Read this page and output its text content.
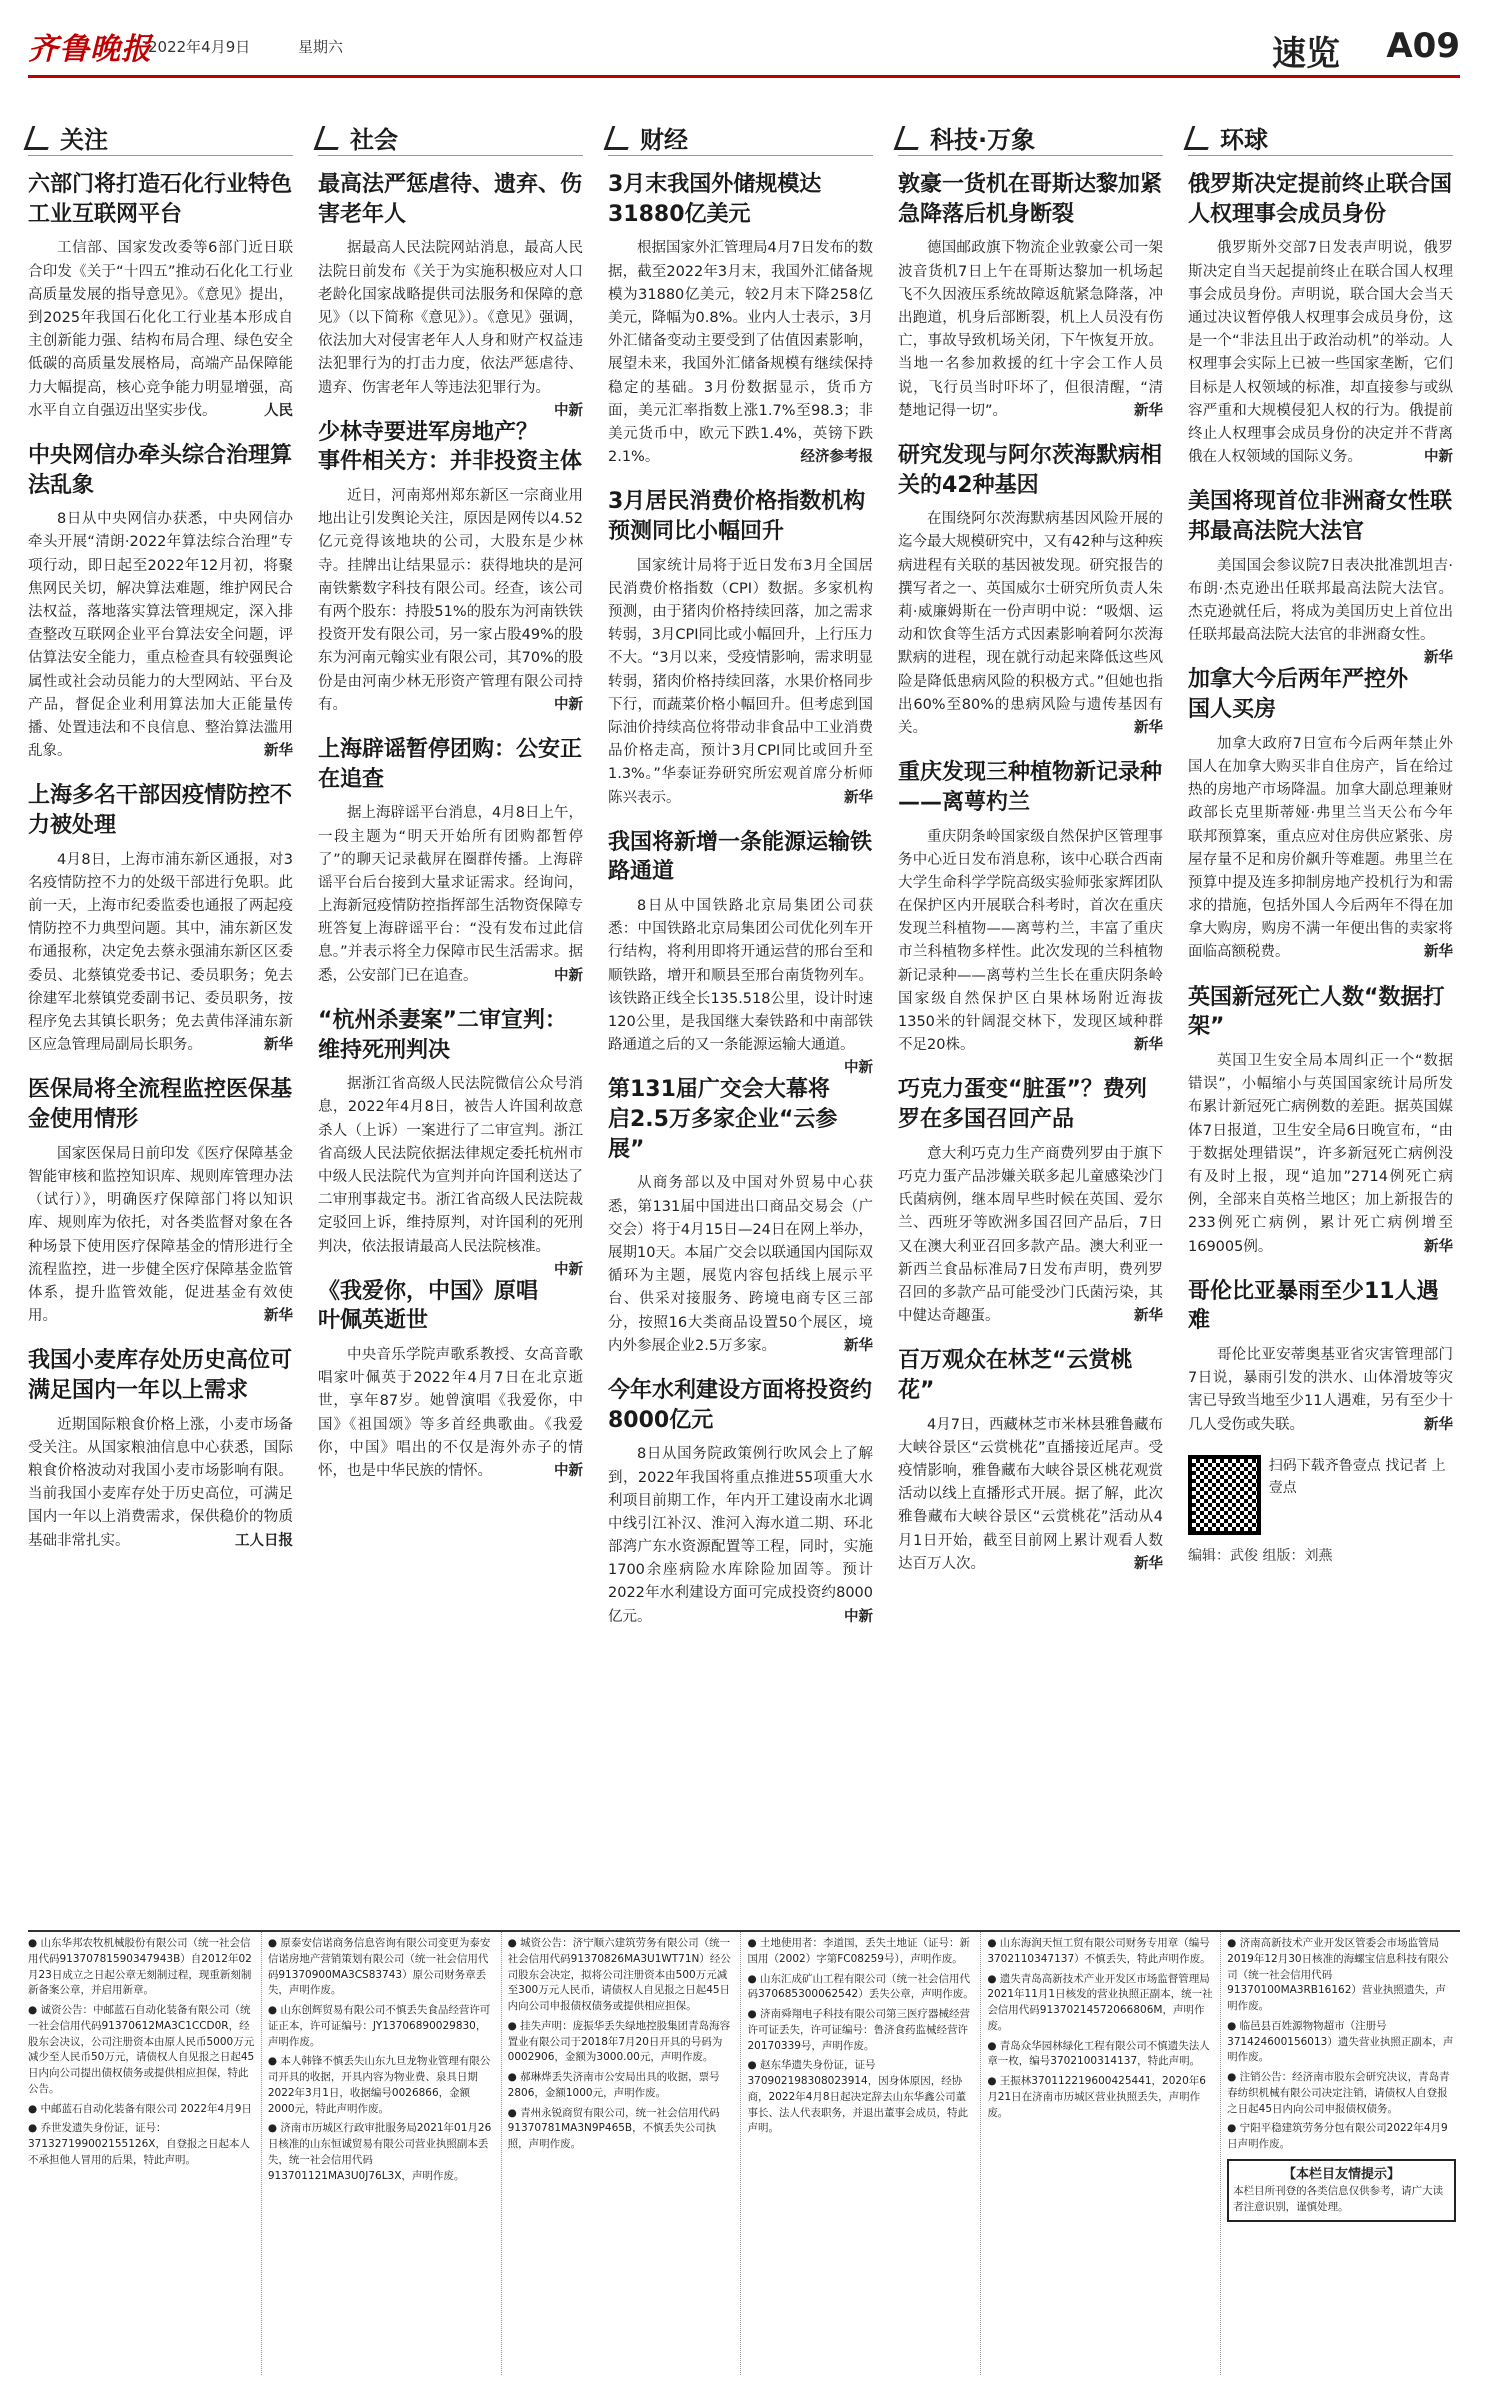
齐鲁晚报
2022年4月9日	星期六	速览 A09
关注
六部门将打造石化行业特色工业互联网平台
工信部、国家发改委等6部门近日联合印发《关于“十四五”推动石化化工行业高质量发展的指导意见》。《意见》提出，到2025年我国石化化工行业基本形成自主创新能力强、结构布局合理、绿色安全低碳的高质量发展格局，高端产品保障能力大幅提高，核心竞争能力明显增强，高水平自立自强迈出坚实步伐。	人民
中央网信办牵头综合治理算法乱象
8日从中央网信办获悉，中央网信办牵头开展“清朗·2022年算法综合治理”专项行动，即日起至2022年12月初，将聚焦网民关切，解决算法难题，维护网民合法权益，落地落实算法管理规定，深入排查整改互联网企业平台算法安全问题，评估算法安全能力，重点检查具有较强舆论属性或社会动员能力的大型网站、平台及产品，督促企业利用算法加大正能量传播、处置违法和不良信息、整治算法滥用乱象。	新华
上海多名干部因疫情防控不力被处理
4月8日，上海市浦东新区通报，对3名疫情防控不力的处级干部进行免职。此前一天，上海市纪委监委也通报了两起疫情防控不力典型问题。其中，浦东新区发布通报称，决定免去蔡永强浦东新区区委委员、北蔡镇党委书记、委员职务；免去徐建军北蔡镇党委副书记、委员职务，按程序免去其镇长职务；免去黄伟泽浦东新区应急管理局副局长职务。	新华
医保局将全流程监控医保基金使用情形
国家医保局日前印发《医疗保障基金智能审核和监控知识库、规则库管理办法（试行）》，明确医疗保障部门将以知识库、规则库为依托，对各类监督对象在各种场景下使用医疗保障基金的情形进行全流程监控，进一步健全医疗保障基金监管体系，提升监管效能，促进基金有效使用。	新华
我国小麦库存处历史高位可满足国内一年以上需求
近期国际粮食价格上涨，小麦市场备受关注。从国家粮油信息中心获悉，国际粮食价格波动对我国小麦市场影响有限。当前我国小麦库存处于历史高位，可满足国内一年以上消费需求，保供稳价的物质基础非常扎实。	工人日报
社会
最高法严惩虐待、遗弃、伤害老年人
据最高人民法院网站消息，最高人民法院日前发布《关于为实施积极应对人口老龄化国家战略提供司法服务和保障的意见》（以下简称《意见》）。《意见》强调，依法加大对侵害老年人人身和财产权益违法犯罪行为的打击力度，依法严惩虐待、遗弃、伤害老年人等违法犯罪行为。
中新
少林寺要进军房地产？事件相关方：并非投资主体
近日，河南郑州郑东新区一宗商业用地出让引发舆论关注，原因是网传以4.52亿元竞得该地块的公司，大股东是少林寺。挂牌出让结果显示：获得地块的是河南铁紫数字科技有限公司。经查，该公司有两个股东：持股51%的股东为河南铁铁投资开发有限公司，另一家占股49%的股东为河南元翰实业有限公司，其70%的股份是由河南少林无形资产管理有限公司持有。	中新
上海辟谣暂停团购：公安正在追查
据上海辟谣平台消息，4月8日上午，一段主题为“明天开始所有团购都暂停了”的聊天记录截屏在圈群传播。上海辟谣平台后台接到大量求证需求。经询问，上海新冠疫情防控指挥部生活物资保障专班答复上海辟谣平台：“没有发布过此信息。”并表示将全力保障市民生活需求。据悉，公安部门已在追查。	中新
“杭州杀妻案”二审宣判：维持死刑判决
据浙江省高级人民法院微信公众号消息，2022年4月8日，被告人许国利故意杀人（上诉）一案进行了二审宣判。浙江省高级人民法院依据法律规定委托杭州市中级人民法院代为宣判并向许国利送达了二审刑事裁定书。浙江省高级人民法院裁定驳回上诉，维持原判，对许国利的死刑判决，依法报请最高人民法院核准。
中新
《我爱你，中国》原唱叶佩英逝世
中央音乐学院声歌系教授、女高音歌唱家叶佩英于2022年4月7日在北京逝世，享年87岁。她曾演唱《我爱你，中国》《祖国颂》等多首经典歌曲。《我爱你，中国》唱出的不仅是海外赤子的情怀，也是中华民族的情怀。	中新
财经
3月末我国外储规模达31880亿美元
根据国家外汇管理局4月7日发布的数据，截至2022年3月末，我国外汇储备规模为31880亿美元，较2月末下降258亿美元，降幅为0.8%。业内人士表示，3月外汇储备变动主要受到了估值因素影响，展望未来，我国外汇储备规模有继续保持稳定的基础。3月份数据显示，货币方面，美元汇率指数上涨1.7%至98.3；非美元货币中，欧元下跌1.4%，英镑下跌2.1%。	经济参考报
3月居民消费价格指数机构预测同比小幅回升
国家统计局将于近日发布3月全国居民消费价格指数（CPI）数据。多家机构预测，由于猪肉价格持续回落，加之需求转弱，3月CPI同比或小幅回升，上行压力不大。“3月以来，受疫情影响，需求明显转弱，猪肉价格持续回落，水果价格同步下行，而蔬菜价格小幅回升。但考虑到国际油价持续高位将带动非食品中工业消费品价格走高，预计3月CPI同比或回升至1.3%。”华泰证券研究所宏观首席分析师陈兴表示。	新华
我国将新增一条能源运输铁路通道
8日从中国铁路北京局集团公司获悉：中国铁路北京局集团公司优化列车开行结构，将利用即将开通运营的邢台至和顺铁路，增开和顺县至邢台南货物列车。该铁路正线全长135.518公里，设计时速120公里，是我国继大秦铁路和中南部铁路通道之后的又一条能源运输大通道。
中新
第131届广交会大幕将启2.5万多家企业“云参展”
从商务部以及中国对外贸易中心获悉，第131届中国进出口商品交易会（广交会）将于4月15日—24日在网上举办，展期10天。本届广交会以联通国内国际双循环为主题，展览内容包括线上展示平台、供采对接服务、跨境电商专区三部分，按照16大类商品设置50个展区，境内外参展企业2.5万多家。	新华
今年水利建设方面将投资约8000亿元
8日从国务院政策例行吹风会上了解到，2022年我国将重点推进55项重大水利项目前期工作，年内开工建设南水北调中线引江补汉、淮河入海水道二期、环北部湾广东水资源配置等工程，同时，实施1700余座病险水库除险加固等。预计2022年水利建设方面可完成投资约8000亿元。	中新
科技·万象
敦豪一货机在哥斯达黎加紧急降落后机身断裂
德国邮政旗下物流企业敦豪公司一架波音货机7日上午在哥斯达黎加一机场起飞不久因液压系统故障返航紧急降落，冲出跑道，机身后部断裂，机上人员没有伤亡，事故导致机场关闭，下午恢复开放。当地一名参加救援的红十字会工作人员说，飞行员当时吓坏了，但很清醒，“清楚地记得一切”。	新华
研究发现与阿尔茨海默病相关的42种基因
在围绕阿尔茨海默病基因风险开展的迄今最大规模研究中，又有42种与这种疾病进程有关联的基因被发现。研究报告的撰写者之一、英国威尔士研究所负责人朱莉·威廉姆斯在一份声明中说：“吸烟、运动和饮食等生活方式因素影响着阿尔茨海默病的进程，现在就行动起来降低这些风险是降低患病风险的积极方式。”但她也指出60%至80%的患病风险与遗传基因有关。	新华
重庆发现三种植物新记录种——离萼杓兰
重庆阴条岭国家级自然保护区管理事务中心近日发布消息称，该中心联合西南大学生命科学学院高级实验师张家辉团队在保护区内开展联合科考时，首次在重庆发现兰科植物——离萼杓兰，丰富了重庆市兰科植物多样性。此次发现的兰科植物新记录种——离萼杓兰生长在重庆阴条岭国家级自然保护区白果林场附近海拔1350米的针阔混交林下，发现区域种群不足20株。	新华
巧克力蛋变“脏蛋”？费列罗在多国召回产品
意大利巧克力生产商费列罗由于旗下巧克力蛋产品涉嫌关联多起儿童感染沙门氏菌病例，继本周早些时候在英国、爱尔兰、西班牙等欧洲多国召回产品后，7日又在澳大利亚召回多款产品。澳大利亚一新西兰食品标准局7日发布声明，费列罗召回的多款产品可能受沙门氏菌污染，其中健达奇趣蛋。	新华
百万观众在林芝“云赏桃花”
4月7日，西藏林芝市米林县雅鲁藏布大峡谷景区“云赏桃花”直播接近尾声。受疫情影响，雅鲁藏布大峡谷景区桃花观赏活动以线上直播形式开展。据了解，此次雅鲁藏布大峡谷景区“云赏桃花”活动从4月1日开始，截至目前网上累计观看人数达百万人次。	新华
环球
俄罗斯决定提前终止联合国人权理事会成员身份
俄罗斯外交部7日发表声明说，俄罗斯决定自当天起提前终止在联合国人权理事会成员身份。声明说，联合国大会当天通过决议暂停俄人权理事会成员身份，这是一个“非法且出于政治动机”的举动。人权理事会实际上已被一些国家垄断，它们目标是人权领域的标准，却直接参与或纵容严重和大规模侵犯人权的行为。俄提前终止人权理事会成员身份的决定并不背离俄在人权领域的国际义务。	中新
美国将现首位非洲裔女性联邦最高法院大法官
美国国会参议院7日表决批准凯坦吉·布朗·杰克逊出任联邦最高法院大法官。杰克逊就任后，将成为美国历史上首位出任联邦最高法院大法官的非洲裔女性。
新华
加拿大今后两年严控外国人买房
加拿大政府7日宣布今后两年禁止外国人在加拿大购买非自住房产，旨在给过热的房地产市场降温。加拿大副总理兼财政部长克里斯蒂娅·弗里兰当天公布今年联邦预算案，重点应对住房供应紧张、房屋存量不足和房价飙升等难题。弗里兰在预算中提及连多抑制房地产投机行为和需求的措施，包括外国人今后两年不得在加拿大购房，购房不满一年便出售的卖家将面临高额税费。	新华
英国新冠死亡人数“数据打架”
英国卫生安全局本周纠正一个“数据错误”，小幅缩小与英国国家统计局所发布累计新冠死亡病例数的差距。据英国媒体7日报道，卫生安全局6日晚宣布，“由于数据处理错误”，许多新冠死亡病例没有及时上报，现“追加”2714例死亡病例，全部来自英格兰地区；加上新报告的233例死亡病例，累计死亡病例增至169005例。	新华
哥伦比亚暴雨至少11人遇难
哥伦比亚安蒂奥基亚省灾害管理部门7日说，暴雨引发的洪水、山体滑坡等灾害已导致当地至少11人遇难，另有至少十几人受伤或失联。	新华
扫码下载齐鲁壹点 找记者 上壹点
编辑：武俊 组版：刘燕
● 山东华邦农牧机械股份有限公司（统一社会信用代码91370781590347943B）自2012年02月23日成立之日起公章无刻制过程，现重新刻制新备案公章，并启用新章。
● 诚资公告：中邮蓝石自动化装备有限公司（统一社会信用代码91370612MA3C1CCD0R，经股东会决议，公司注册资本由原人民币5000万元减少至人民币50万元，请债权人自见报之日起45日内向公司提出债权债务或提供相应担保，特此公告。
● 中邮蓝石自动化装备有限公司 2022年4月9日
● 乔世发遗失身份证，证号：371327199002155126X，自登报之日起本人不承担他人冒用的后果，特此声明。
● 原泰安信诺商务信息咨询有限公司变更为泰安信诺房地产营销策划有限公司（统一社会信用代码91370900MA3CS83743）原公司财务章丢失，声明作废。
● 山东创辉贸易有限公司不慎丢失食品经营许可证正本，许可证编号：JY13706890029830，声明作废。
● 本人韩锋不慎丢失山东九旦龙物业管理有限公司开具的收据，开具内容为物业费、泉具日期2022年3月1日，收据编号0026866，金额2000元，特此声明作废。
● 济南市历城区行政审批服务局2021年01月26日核准的山东恒诚贸易有限公司营业执照副本丢失，统一社会信用代码913701121MA3U0J76L3X，声明作废。
● 城资公告：济宁顺六建筑劳务有限公司（统一社会信用代码91370826MA3U1WT71N）经公司股东会决定，拟将公司注册资本由500万元减至300万元人民币，请债权人自见报之日起45日内向公司申报债权债务或提供相应担保。
● 挂失声明：庞振华丢失绿地控股集团青岛海容置业有限公司于2018年7月20日开具的号码为0002906，金额为3000.00元，声明作废。
● 郝琳烨丢失济南市公安局出具的收据，票号2806，金额1000元，声明作废。
● 青州永锐商贸有限公司，统一社会信用代码91370781MA3N9P465B，不慎丢失公司执照，声明作废。
● 土地使用者：李道国，丢失土地证（证号：新国用（2002）字第FC08259号），声明作废。
● 山东汇成矿山工程有限公司（统一社会信用代码370685300062542）丢失公章，声明作废。
● 济南舜翔电子科技有限公司第三医疗器械经营许可证丢失，许可证编号：鲁济食药监械经营许20170339号，声明作废。
● 赵东华遗失身份证，证号370902198308023914，因身体原因，经协商，2022年4月8日起决定辞去山东华鑫公司董事长、法人代表职务，并退出董事会成员，特此声明。
● 山东海润天恒工贸有限公司财务专用章（编号3702110347137）不慎丢失，特此声明作废。
● 遗失青岛高新技术产业开发区市场监督管理局2021年11月1日核发的营业执照正副本，统一社会信用代码91370214572066806M，声明作废。
● 青岛众华园林绿化工程有限公司不慎遗失法人章一枚，编号3702100314137，特此声明。
● 王振林370112219600425441，2020年6月21日在济南市历城区营业执照丢失，声明作废。
● 济南高新技术产业开发区管委会市场监管局2019年12月30日核准的海螺宝信息科技有限公司（统一社会信用代码91370100MA3RB16162）营业执照遗失，声明作废。
● 临邑县百姓源物物超市（注册号371424600156013）遗失营业执照正副本，声明作废。
● 注销公告：经济南市股东会研究决议，青岛青春纺织机械有限公司决定注销，请债权人自登报之日起45日内向公司申报债权债务。
● 宁阳平稳建筑劳务分包有限公司2022年4月9日声明作废。
【本栏目友情提示】
本栏目所刊登的各类信息仅供参考，请广大读者注意识别，谨慎处理。
